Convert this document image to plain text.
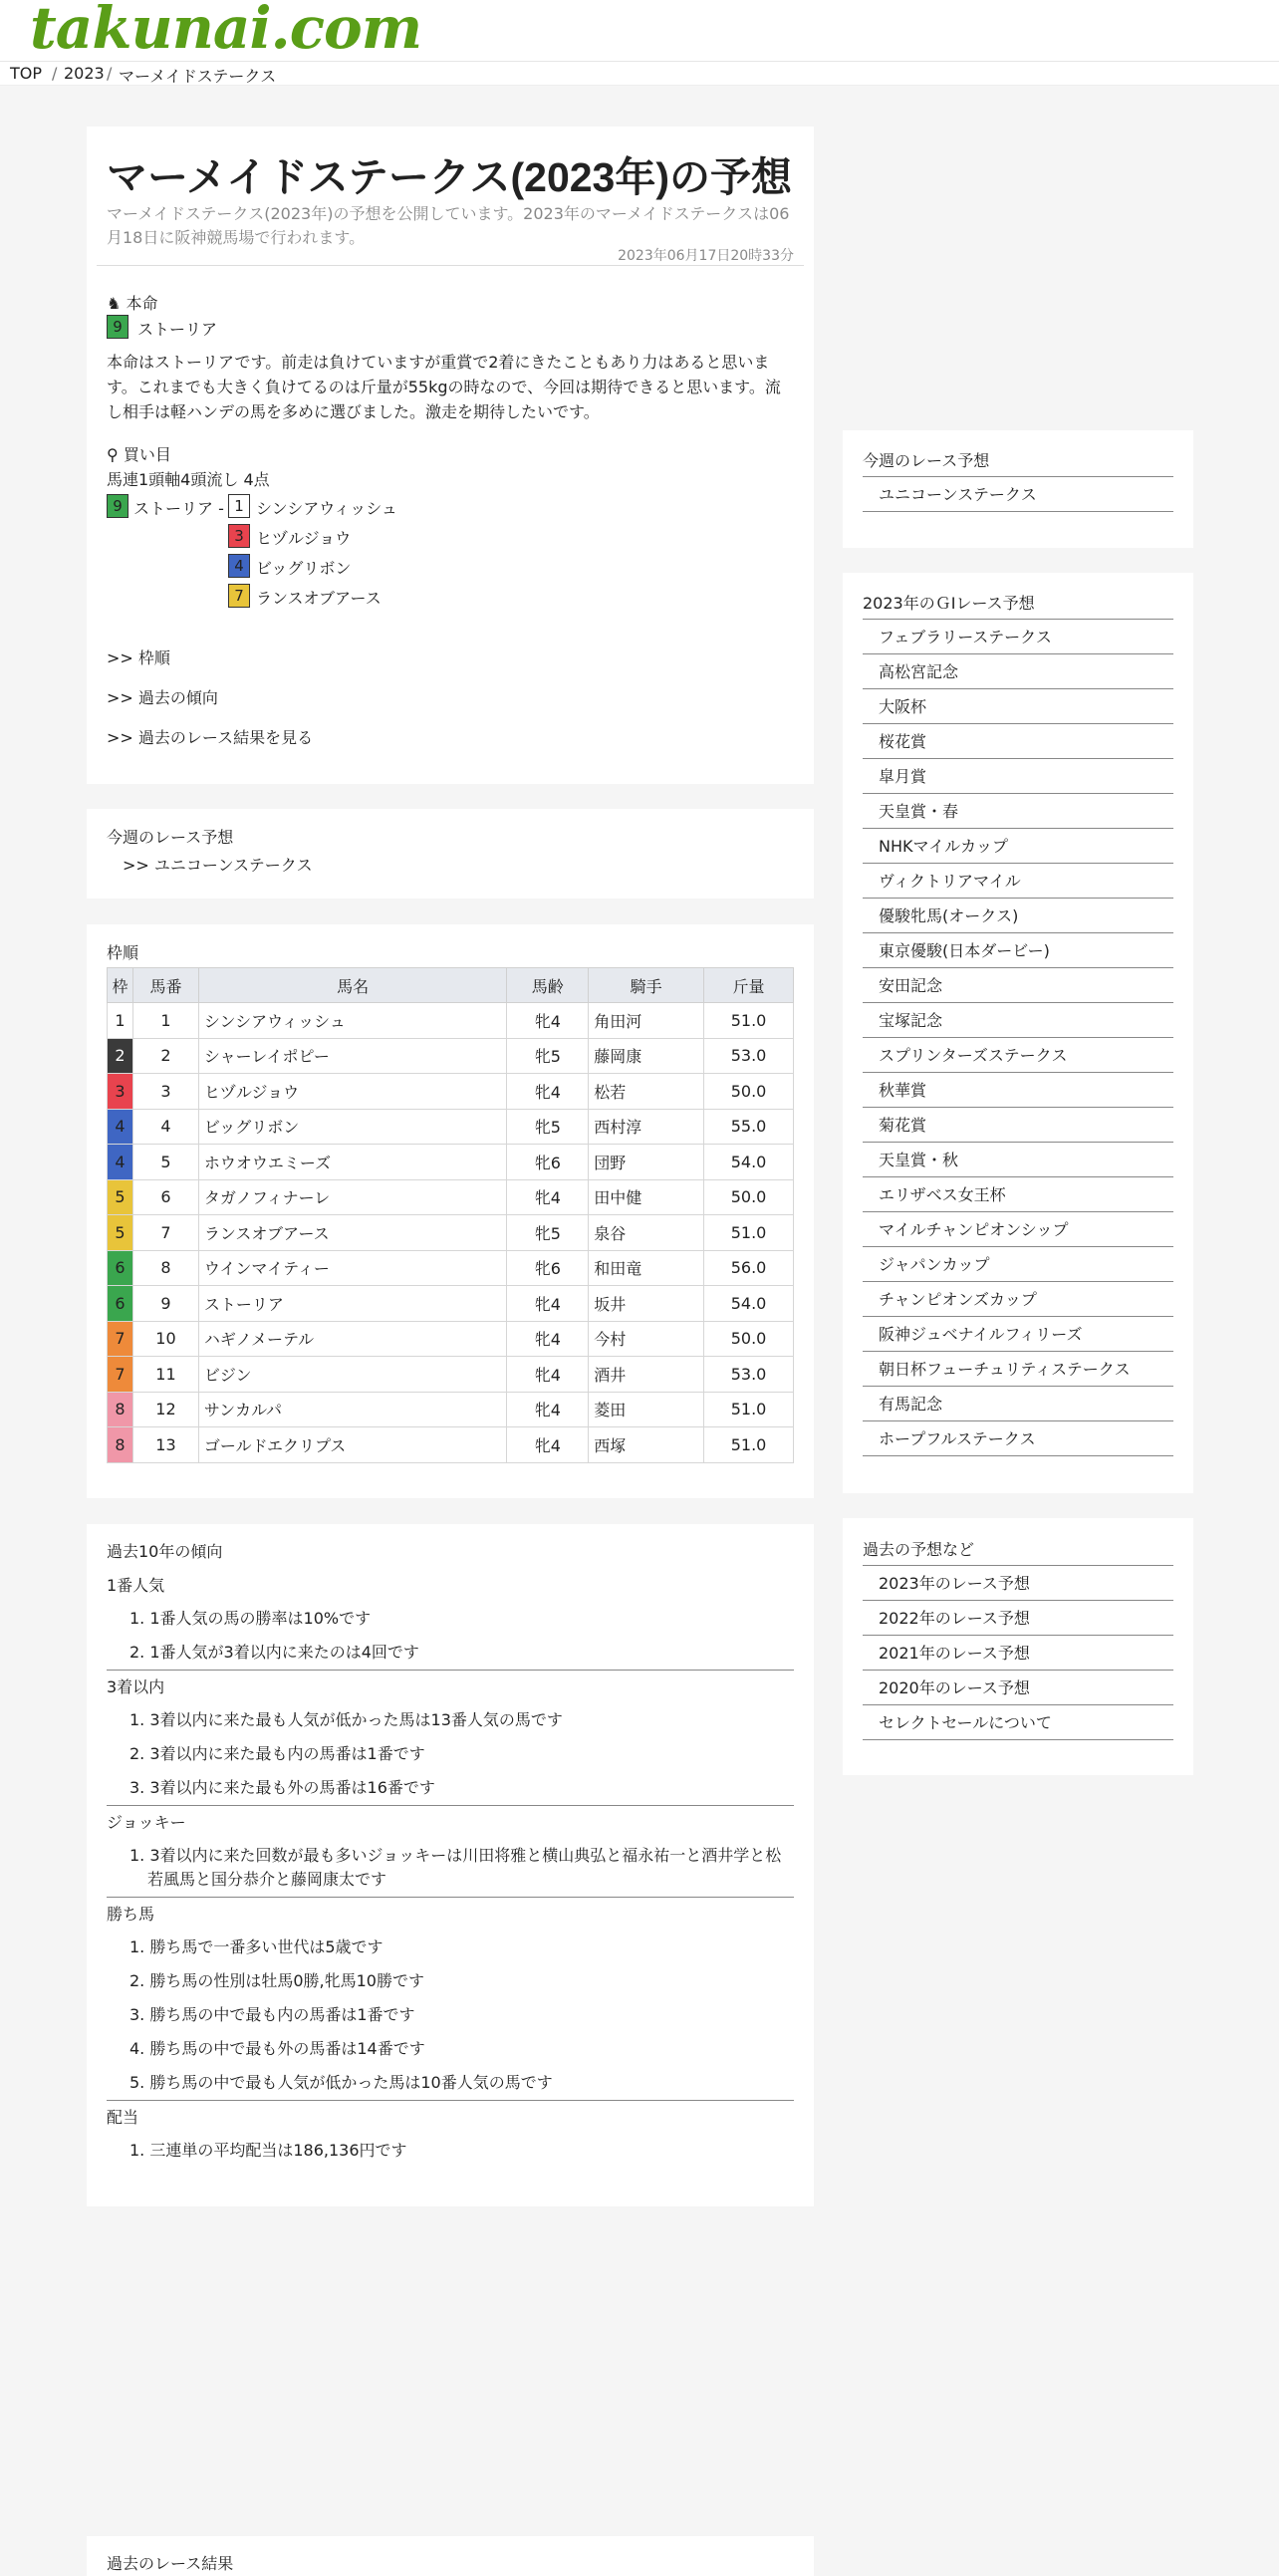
takunai.com
TOP / 2023 / マーメイドステークス
マーメイドステークス(2023年)の予想

マーメイドステークス(2023年)の予想を公開しています。2023年のマーメイドステークスは06月18日に阪神競馬場で行われます。

2023年06月17日20時33分
♞ 本命
9 ストーリア

本命はストーリアです。前走は負けていますが重賞で2着にきたこともあり力はあると思います。これまでも大きく負けてるのは斤量が55kgの時なので、今回は期待できると思います。流し相手は軽ハンデの馬を多めに選びました。激走を期待したいです。

⚲ 買い目
馬連1頭軸4頭流し 4点
9 ストーリア - 1 シンシアウィッシュ
3 ヒヅルジョウ
4 ビッグリボン
7 ランスオブアース
>> 枠順
>> 過去の傾向
>> 過去のレース結果を見る
今週のレース予想
>> ユニコーンステークス
枠順
枠	馬番	馬名	馬齢	騎手	斤量
1	1	シンシアウィッシュ	牝4	角田河	51.0
2	2	シャーレイポピー	牝5	藤岡康	53.0
3	3	ヒヅルジョウ	牝4	松若	50.0
4	4	ビッグリボン	牝5	西村淳	55.0
4	5	ホウオウエミーズ	牝6	団野	54.0
5	6	タガノフィナーレ	牝4	田中健	50.0
5	7	ランスオブアース	牝5	泉谷	51.0
6	8	ウインマイティー	牝6	和田竜	56.0
6	9	ストーリア	牝4	坂井	54.0
7	10	ハギノメーテル	牝4	今村	50.0
7	11	ビジン	牝4	酒井	53.0
8	12	サンカルパ	牝4	菱田	51.0
8	13	ゴールドエクリプス	牝4	西塚	51.0
過去10年の傾向
1番人気
1. 1番人気の馬の勝率は10%です
2. 1番人気が3着以内に来たのは4回です
3着以内
1. 3着以内に来た最も人気が低かった馬は13番人気の馬です
2. 3着以内に来た最も内の馬番は1番です
3. 3着以内に来た最も外の馬番は16番です
ジョッキー
1. 3着以内に来た回数が最も多いジョッキーは川田将雅と横山典弘と福永祐一と酒井学と松若風馬と国分恭介と藤岡康太です
勝ち馬
1. 勝ち馬で一番多い世代は5歳です
2. 勝ち馬の性別は牡馬0勝,牝馬10勝です
3. 勝ち馬の中で最も内の馬番は1番です
4. 勝ち馬の中で最も外の馬番は14番です
5. 勝ち馬の中で最も人気が低かった馬は10番人気の馬です
配当
1. 三連単の平均配当は186,136円です
過去のレース結果
今週のレース予想
ユニコーンステークス
2023年のＧⅠレース予想
フェブラリーステークス
高松宮記念
大阪杯
桜花賞
皐月賞
天皇賞・春
NHKマイルカップ
ヴィクトリアマイル
優駿牝馬(オークス)
東京優駿(日本ダービー)
安田記念
宝塚記念
スプリンターズステークス
秋華賞
菊花賞
天皇賞・秋
エリザベス女王杯
マイルチャンピオンシップ
ジャパンカップ
チャンピオンズカップ
阪神ジュベナイルフィリーズ
朝日杯フューチュリティステークス
有馬記念
ホープフルステークス
過去の予想など
2023年のレース予想
2022年のレース予想
2021年のレース予想
2020年のレース予想
セレクトセールについて
